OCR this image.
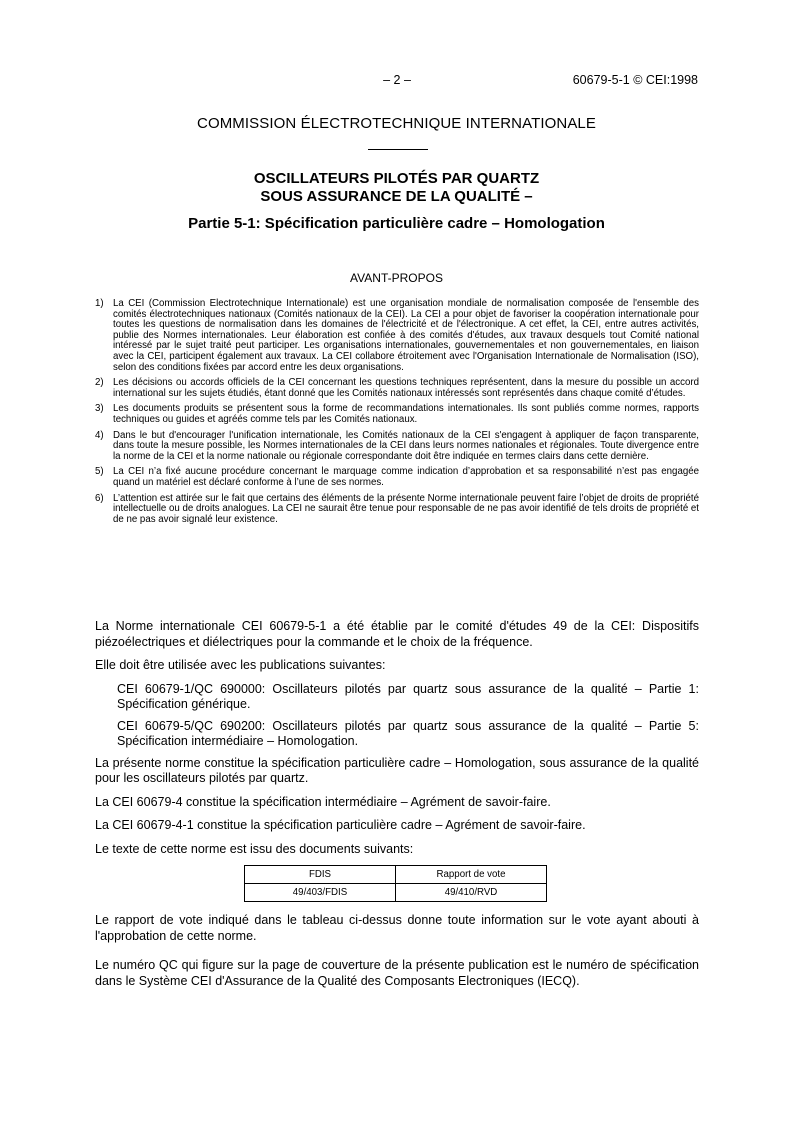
– 2 –	60679-5-1 © CEI:1998
COMMISSION ÉLECTROTECHNIQUE INTERNATIONALE
OSCILLATEURS PILOTÉS PAR QUARTZ
SOUS ASSURANCE DE LA QUALITÉ –
Partie 5-1: Spécification particulière cadre – Homologation
AVANT-PROPOS
1) La CEI (Commission Electrotechnique Internationale) est une organisation mondiale de normalisation composée de l'ensemble des comités électrotechniques nationaux (Comités nationaux de la CEI). La CEI a pour objet de favoriser la coopération internationale pour toutes les questions de normalisation dans les domaines de l'électricité et de l'électronique. A cet effet, la CEI, entre autres activités, publie des Normes internationales. Leur élaboration est confiée à des comités d'études, aux travaux desquels tout Comité national intéressé par le sujet traité peut participer. Les organisations internationales, gouvernementales et non gouvernementales, en liaison avec la CEI, participent également aux travaux. La CEI collabore étroitement avec l'Organisation Internationale de Normalisation (ISO), selon des conditions fixées par accord entre les deux organisations.
2) Les décisions ou accords officiels de la CEI concernant les questions techniques représentent, dans la mesure du possible un accord international sur les sujets étudiés, étant donné que les Comités nationaux intéressés sont représentés dans chaque comité d’études.
3) Les documents produits se présentent sous la forme de recommandations internationales. Ils sont publiés comme normes, rapports techniques ou guides et agréés comme tels par les Comités nationaux.
4) Dans le but d'encourager l'unification internationale, les Comités nationaux de la CEI s'engagent à appliquer de façon transparente, dans toute la mesure possible, les Normes internationales de la CEI dans leurs normes nationales et régionales. Toute divergence entre la norme de la CEI et la norme nationale ou régionale correspondante doit être indiquée en termes clairs dans cette dernière.
5) La CEI n’a fixé aucune procédure concernant le marquage comme indication d’approbation et sa responsabilité n’est pas engagée quand un matériel est déclaré conforme à l’une de ses normes.
6) L’attention est attirée sur le fait que certains des éléments de la présente Norme internationale peuvent faire l’objet de droits de propriété intellectuelle ou de droits analogues. La CEI ne saurait être tenue pour responsable de ne pas avoir identifié de tels droits de propriété et de ne pas avoir signalé leur existence.

La Norme internationale CEI 60679-5-1 a été établie par le comité d'études 49 de la CEI: Dispositifs piézoélectriques et diélectriques pour la commande et le choix de la fréquence.

Elle doit être utilisée avec les publications suivantes:

CEI 60679-1/QC 690000: Oscillateurs pilotés par quartz sous assurance de la qualité – Partie 1: Spécification générique.

CEI 60679-5/QC 690200: Oscillateurs pilotés par quartz sous assurance de la qualité – Partie 5: Spécification intermédiaire – Homologation.

La présente norme constitue la spécification particulière cadre – Homologation, sous assurance de la qualité pour les oscillateurs pilotés par quartz.

La CEI 60679-4 constitue la spécification intermédiaire – Agrément de savoir-faire.

La CEI 60679-4-1 constitue la spécification particulière cadre – Agrément de savoir-faire.

Le texte de cette norme est issu des documents suivants:

FDIS	Rapport de vote
49/403/FDIS	49/410/RVD

Le rapport de vote indiqué dans le tableau ci-dessus donne toute information sur le vote ayant abouti à l'approbation de cette norme.

Le numéro QC qui figure sur la page de couverture de la présente publication est le numéro de spécification dans le Système CEI d'Assurance de la Qualité des Composants Electroniques (IECQ).
